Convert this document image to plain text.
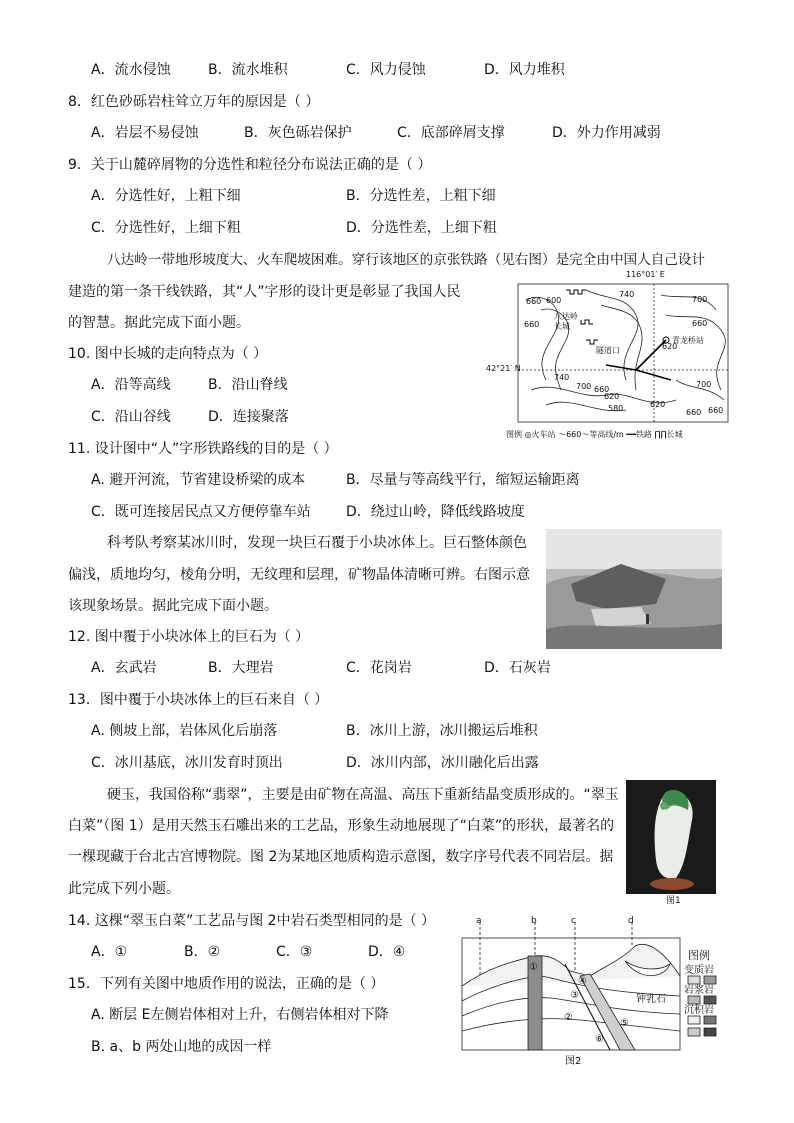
A．流水侵蚀	B．流水堆积	C．风力侵蚀	D．风力堆积
8．红色砂砾岩柱耸立万年的原因是（ ）
A．岩层不易侵蚀	B．灰色砾岩保护	C．底部碎屑支撑	D．外力作用减弱
9．关于山麓碎屑物的分选性和粒径分布说法正确的是（ ）
A．分选性好，上粗下细	B．分选性差，上粗下细
C．分选性好，上细下粗	D．分选性差，上细下粗
八达岭一带地形坡度大、火车爬坡困难。穿行该地区的京张铁路（见右图）是完全由中国人自己设计
建造的第一条干线铁路，其“人”字形的设计更是彰显了我国人民
的智慧。据此完成下面小题。
10. 图中长城的走向特点为（ ）
A．沿等高线	B．沿山脊线
C．沿山谷线	D．连接聚落
11. 设计图中“人”字形铁路线的目的是（ ）
A. 避开河流，节省建设桥梁的成本	B．尽量与等高线平行，缩短运输距离
C．既可连接居民点又方便停靠车站	D．绕过山岭，降低线路坡度
116°01′ E
42°21′ N
八达岭
长城
隧道口
青龙桥站
660
740
700
660
600
660
620
740
700 660
620
580	620
700
660
660
图例 ◎火车站 ～660～等高线/m ━━铁路 ∏∏长城
科考队考察某冰川时，发现一块巨石覆于小块冰体上。巨石整体颜色
偏浅，质地均匀，棱角分明，无纹理和层理，矿物晶体清晰可辨。右图示意
该现象场景。据此完成下面小题。
12. 图中覆于小块冰体上的巨石为（ ）
A．玄武岩	B．大理岩	C．花岗岩	D．石灰岩
13．图中覆于小块冰体上的巨石来自（ ）
A. 侧坡上部，岩体风化后崩落	B．冰川上游，冰川搬运后堆积
C．冰川基底，冰川发育时顶出	D．冰川内部，冰川融化后出露
硬玉，我国俗称“翡翠”，主要是由矿物在高温、高压下重新结晶变质形成的。“翠玉
白菜”（图 1）是用天然玉石雕出来的工艺品，形象生动地展现了“白菜”的形状，最著名的
一棵现藏于台北古宫博物院。图 2为某地区地质构造示意图，数字序号代表不同岩层。据
此完成下列小题。
图1
14. 这棵“翠玉白菜”工艺品与图 2中岩石类型相同的是（ ）
A．①	B．②	C．③	D．④
15．下列有关图中地质作用的说法，正确的是（ ）
A. 断层 E左侧岩体相对上升，右侧岩体相对下降
B. a、b 两处山地的成因一样
a	b	c	d
①
②
③
④
⑤
⑥
钟乳石
图例
变质岩
岩浆岩
沉积岩
图2
